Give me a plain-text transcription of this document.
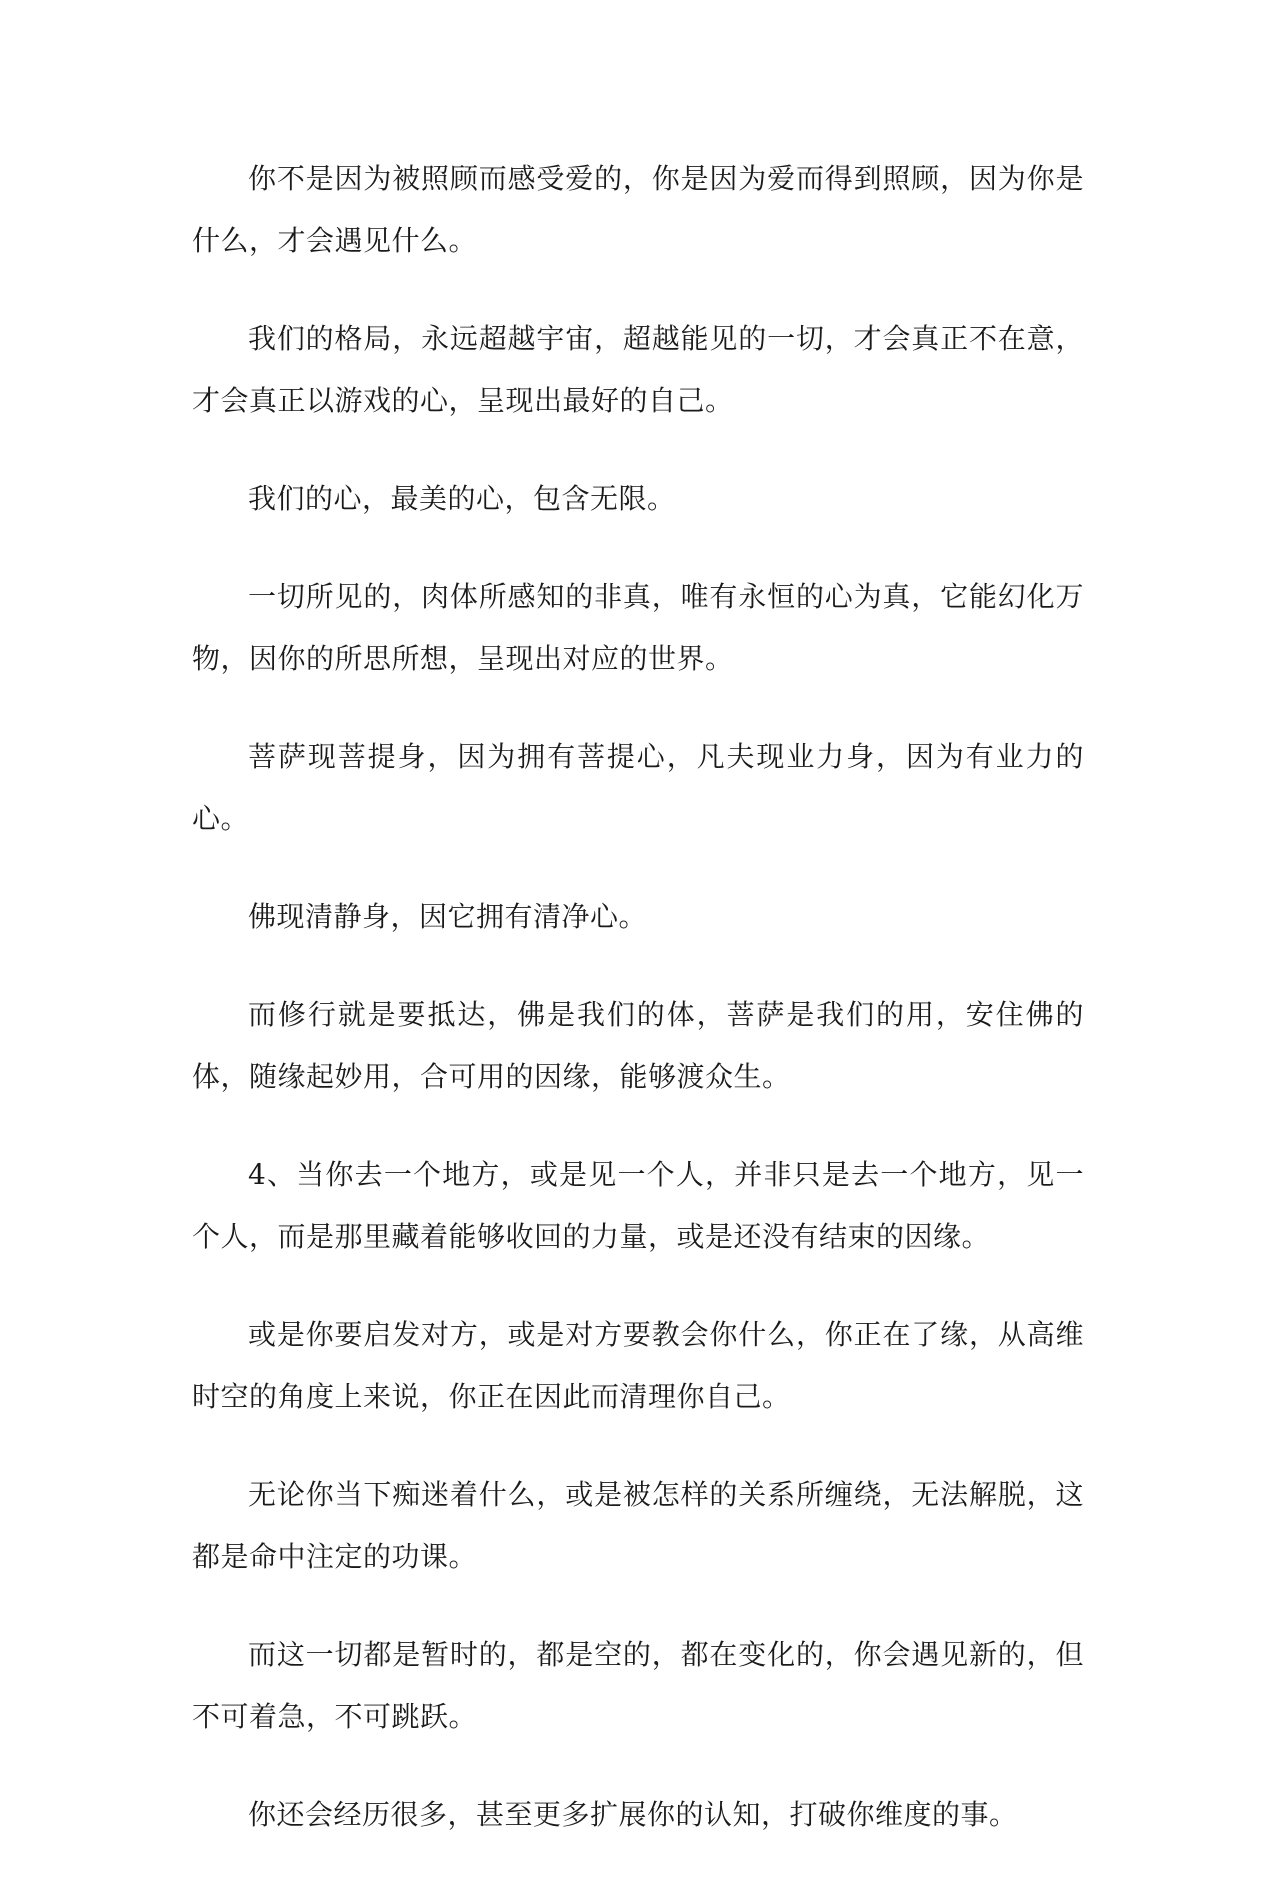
你不是因为被照顾而感受爱的，你是因为爱而得到照顾，因为你是什么，才会遇见什么。

我们的格局，永远超越宇宙，超越能见的一切，才会真正不在意，才会真正以游戏的心，呈现出最好的自己。

我们的心，最美的心，包含无限。

一切所见的，肉体所感知的非真，唯有永恒的心为真，它能幻化万物，因你的所思所想，呈现出对应的世界。

菩萨现菩提身，因为拥有菩提心，凡夫现业力身，因为有业力的心。

佛现清静身，因它拥有清净心。

而修行就是要抵达，佛是我们的体，菩萨是我们的用，安住佛的体，随缘起妙用，合可用的因缘，能够渡众生。

4、当你去一个地方，或是见一个人，并非只是去一个地方，见一个人，而是那里藏着能够收回的力量，或是还没有结束的因缘。

或是你要启发对方，或是对方要教会你什么，你正在了缘，从高维时空的角度上来说，你正在因此而清理你自己。

无论你当下痴迷着什么，或是被怎样的关系所缠绕，无法解脱，这都是命中注定的功课。

而这一切都是暂时的，都是空的，都在变化的，你会遇见新的，但不可着急，不可跳跃。

你还会经历很多，甚至更多扩展你的认知，打破你维度的事。
